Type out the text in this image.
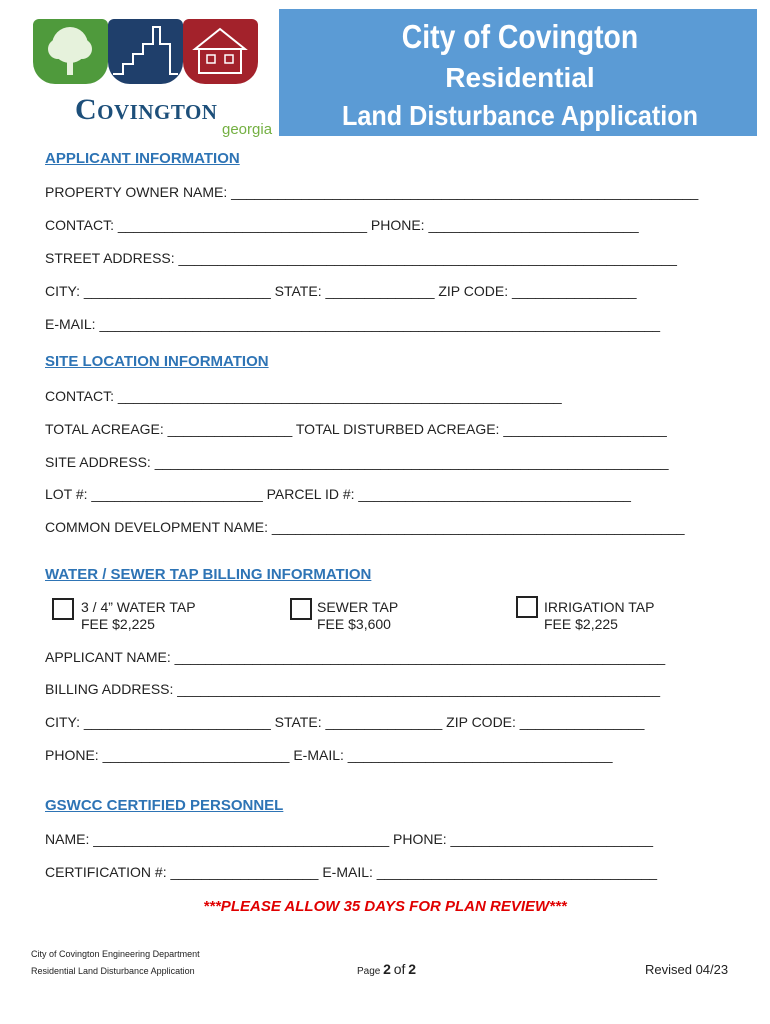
Covington
georgia
City of Covington
Residential
Land Disturbance Application
APPLICANT INFORMATION
PROPERTY OWNER NAME: ____________________________________________________________
CONTACT: ________________________________ PHONE: ___________________________
STREET ADDRESS: ________________________________________________________________
CITY: ________________________ STATE: ______________ ZIP CODE: ________________
E-MAIL: ________________________________________________________________________
SITE LOCATION INFORMATION
CONTACT: _________________________________________________________
TOTAL ACREAGE: ________________ TOTAL DISTURBED ACREAGE: _____________________
SITE ADDRESS: __________________________________________________________________
LOT #: ______________________ PARCEL ID #: ___________________________________
COMMON DEVELOPMENT NAME: _____________________________________________________
WATER / SEWER TAP BILLING INFORMATION
3 / 4” WATER TAP
FEE $2,225
SEWER TAP
FEE $3,600
IRRIGATION TAP
FEE $2,225
APPLICANT NAME: _______________________________________________________________
BILLING ADDRESS: ______________________________________________________________
CITY: ________________________ STATE: _______________ ZIP CODE: ________________
PHONE: ________________________ E-MAIL: __________________________________
GSWCC CERTIFIED PERSONNEL
NAME: ______________________________________ PHONE: __________________________
CERTIFICATION #: ___________________ E-MAIL: ____________________________________
***PLEASE ALLOW 35 DAYS FOR PLAN REVIEW***
City of Covington Engineering Department
Residential Land Disturbance Application	Page 2 of 2	Revised 04/23
